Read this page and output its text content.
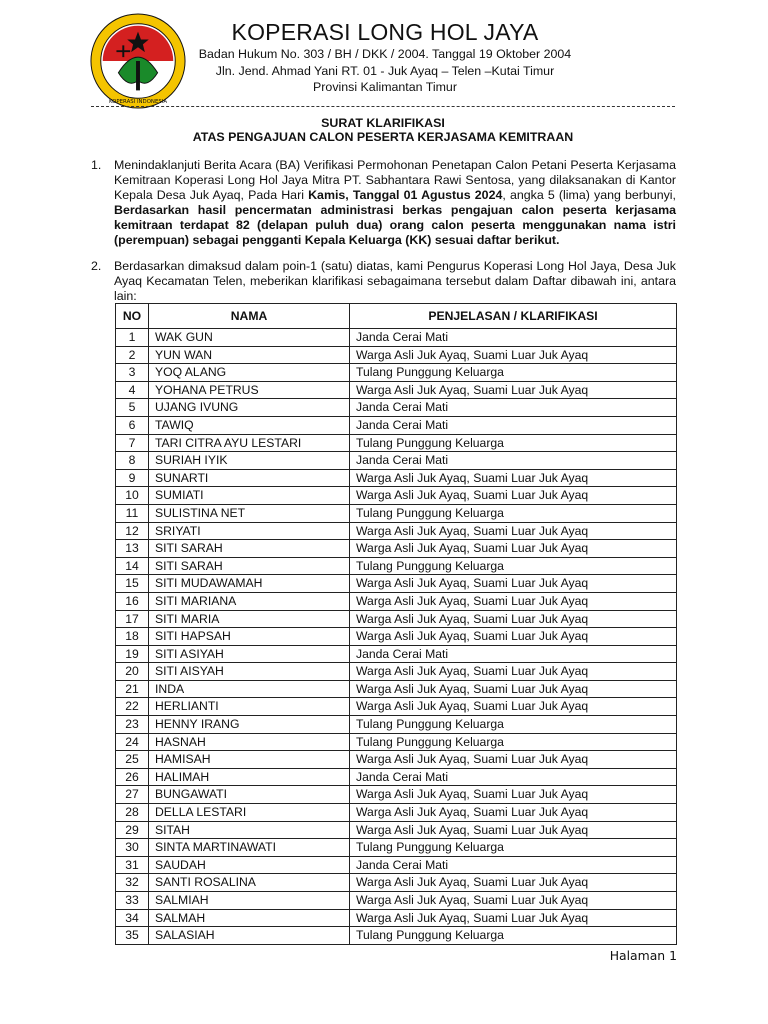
KOPERASI INDONESIA
KOPERASI LONG HOL JAYA
Badan Hukum No. 303 / BH / DKK / 2004. Tanggal 19 Oktober 2004
Jln. Jend. Ahmad Yani RT. 01 - Juk Ayaq – Telen –Kutai Timur
Provinsi Kalimantan Timur
SURAT KLARIFIKASI
ATAS PENGAJUAN CALON PESERTA KERJASAMA KEMITRAAN
1.	Menindaklanjuti Berita Acara (BA) Verifikasi Permohonan Penetapan Calon Petani Peserta Kerjasama Kemitraan Koperasi Long Hol Jaya Mitra PT. Sabhantara Rawi Sentosa, yang dilaksanakan di Kantor Kepala Desa Juk Ayaq, Pada Hari Kamis, Tanggal 01 Agustus 2024, angka 5 (lima) yang berbunyi, Berdasarkan hasil pencermatan administrasi berkas pengajuan calon peserta kerjasama kemitraan terdapat 82 (delapan puluh dua) orang calon peserta menggunakan nama istri (perempuan) sebagai pengganti Kepala Keluarga (KK) sesuai daftar berikut.
2.	Berdasarkan dimaksud dalam poin-1 (satu) diatas, kami Pengurus Koperasi Long Hol Jaya, Desa Juk Ayaq Kecamatan Telen, meberikan klarifikasi sebagaimana tersebut dalam Daftar dibawah ini, antara lain:
NO	NAMA	PENJELASAN / KLARIFIKASI
1	WAK GUN	Janda Cerai Mati
2	YUN WAN	Warga Asli Juk Ayaq, Suami Luar Juk Ayaq
3	YOQ ALANG	Tulang Punggung Keluarga
4	YOHANA PETRUS	Warga Asli Juk Ayaq, Suami Luar Juk Ayaq
5	UJANG IVUNG	Janda Cerai Mati
6	TAWIQ	Janda Cerai Mati
7	TARI CITRA AYU LESTARI	Tulang Punggung Keluarga
8	SURIAH IYIK	Janda Cerai Mati
9	SUNARTI	Warga Asli Juk Ayaq, Suami Luar Juk Ayaq
10	SUMIATI	Warga Asli Juk Ayaq, Suami Luar Juk Ayaq
11	SULISTINA NET	Tulang Punggung Keluarga
12	SRIYATI	Warga Asli Juk Ayaq, Suami Luar Juk Ayaq
13	SITI SARAH	Warga Asli Juk Ayaq, Suami Luar Juk Ayaq
14	SITI SARAH	Tulang Punggung Keluarga
15	SITI MUDAWAMAH	Warga Asli Juk Ayaq, Suami Luar Juk Ayaq
16	SITI MARIANA	Warga Asli Juk Ayaq, Suami Luar Juk Ayaq
17	SITI MARIA	Warga Asli Juk Ayaq, Suami Luar Juk Ayaq
18	SITI HAPSAH	Warga Asli Juk Ayaq, Suami Luar Juk Ayaq
19	SITI ASIYAH	Janda Cerai Mati
20	SITI AISYAH	Warga Asli Juk Ayaq, Suami Luar Juk Ayaq
21	INDA	Warga Asli Juk Ayaq, Suami Luar Juk Ayaq
22	HERLIANTI	Warga Asli Juk Ayaq, Suami Luar Juk Ayaq
23	HENNY IRANG	Tulang Punggung Keluarga
24	HASNAH	Tulang Punggung Keluarga
25	HAMISAH	Warga Asli Juk Ayaq, Suami Luar Juk Ayaq
26	HALIMAH	Janda Cerai Mati
27	BUNGAWATI	Warga Asli Juk Ayaq, Suami Luar Juk Ayaq
28	DELLA LESTARI	Warga Asli Juk Ayaq, Suami Luar Juk Ayaq
29	SITAH	Warga Asli Juk Ayaq, Suami Luar Juk Ayaq
30	SINTA MARTINAWATI	Tulang Punggung Keluarga
31	SAUDAH	Janda Cerai Mati
32	SANTI ROSALINA	Warga Asli Juk Ayaq, Suami Luar Juk Ayaq
33	SALMIAH	Warga Asli Juk Ayaq, Suami Luar Juk Ayaq
34	SALMAH	Warga Asli Juk Ayaq, Suami Luar Juk Ayaq
35	SALASIAH	Tulang Punggung Keluarga
Halaman 1
